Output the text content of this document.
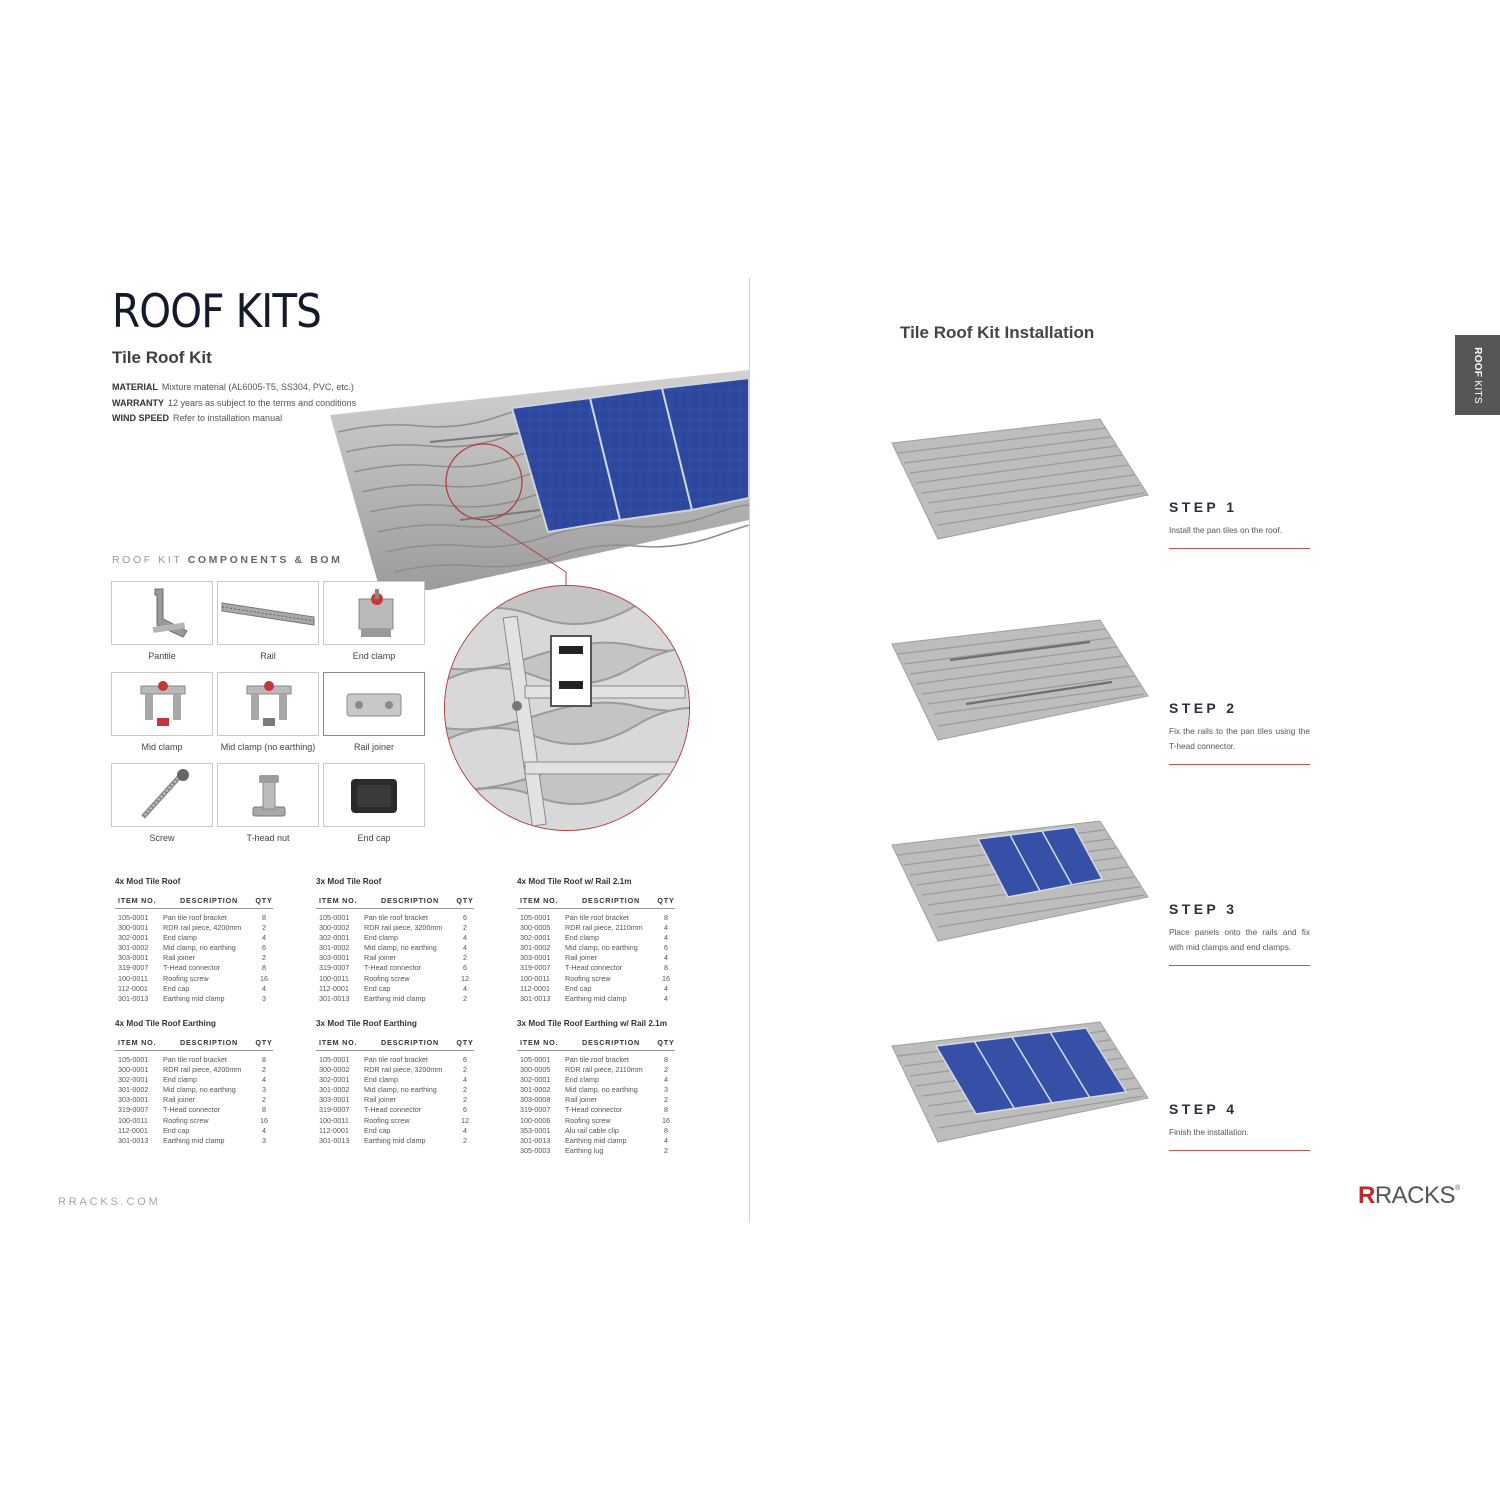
ROOF KITS
Tile Roof Kit
MATERIAL Mixture material (AL6005-T5, SS304, PVC, etc.)
WARRANTY 12 years as subject to the terms and conditions
WIND SPEED Refer to installation manual
ROOF KIT COMPONENTS & BOM
Pantile	Rail	End clamp
Mid clamp	Mid clamp (no earthing)	Rail joiner
Screw	T-head nut	End cap
4x Mod Tile Roof
ITEM NO.	DESCRIPTION	QTY
105-0001	Pan tile roof bracket	8
300-0001	RDR rail piece, 4200mm	2
302-0001	End clamp	4
301-0002	Mid clamp, no earthing	6
303-0001	Rail joiner	2
319-0007	T-Head connector	8
100-0011	Roofing screw	16
112-0001	End cap	4
301-0013	Earthing mid clamp	3
3x Mod Tile Roof
ITEM NO.	DESCRIPTION	QTY
105-0001	Pan tile roof bracket	6
300-0002	RDR rail piece, 3200mm	2
302-0001	End clamp	4
301-0002	Mid clamp, no earthing	4
303-0001	Rail joiner	2
319-0007	T-Head connector	6
100-0011	Roofing screw	12
112-0001	End cap	4
301-0013	Earthing mid clamp	2
4x Mod Tile Roof w/ Rail 2.1m
ITEM NO.	DESCRIPTION	QTY
105-0001	Pan tile roof bracket	8
300-0005	RDR rail piece, 2110mm	4
302-0001	End clamp	4
301-0002	Mid clamp, no earthing	6
303-0001	Rail joiner	4
319-0007	T-Head connector	8
100-0011	Roofing screw	16
112-0001	End cap	4
301-0013	Earthing mid clamp	4
4x Mod Tile Roof Earthing
ITEM NO.	DESCRIPTION	QTY
105-0001	Pan tile roof bracket	8
300-0001	RDR rail piece, 4200mm	2
302-0001	End clamp	4
301-0002	Mid clamp, no earthing	3
303-0001	Rail joiner	2
319-0007	T-Head connector	8
100-0011	Roofing screw	16
112-0001	End cap	4
301-0013	Earthing mid clamp	3
3x Mod Tile Roof Earthing
ITEM NO.	DESCRIPTION	QTY
105-0001	Pan tile roof bracket	6
300-0002	RDR rail piece, 3200mm	2
302-0001	End clamp	4
301-0002	Mid clamp, no earthing	2
303-0001	Rail joiner	2
319-0007	T-Head connector	6
100-0011	Roofing screw	12
112-0001	End cap	4
301-0013	Earthing mid clamp	2
3x Mod Tile Roof Earthing w/ Rail 2.1m
ITEM NO.	DESCRIPTION	QTY
105-0001	Pan tile roof bracket	8
300-0005	RDR rail piece, 2110mm	2
302-0001	End clamp	4
301-0002	Mid clamp, no earthing	3
303-0008	Rail joiner	2
319-0007	T-Head connector	8
100-0006	Roofing screw	16
353-0001	Alu rail cable clip	8
301-0013	Earthing mid clamp	4
305-0003	Earthing lug	2
RRACKS.COM
Tile Roof Kit Installation
ROOF KITS
STEP 1
Install the pan tiles on the roof.
STEP 2
Fix the rails to the pan tiles using the T-head connector.
STEP 3
Place panels onto the rails and fix with mid clamps and end clamps.
STEP 4
Finish the installation.
RRACKS®
